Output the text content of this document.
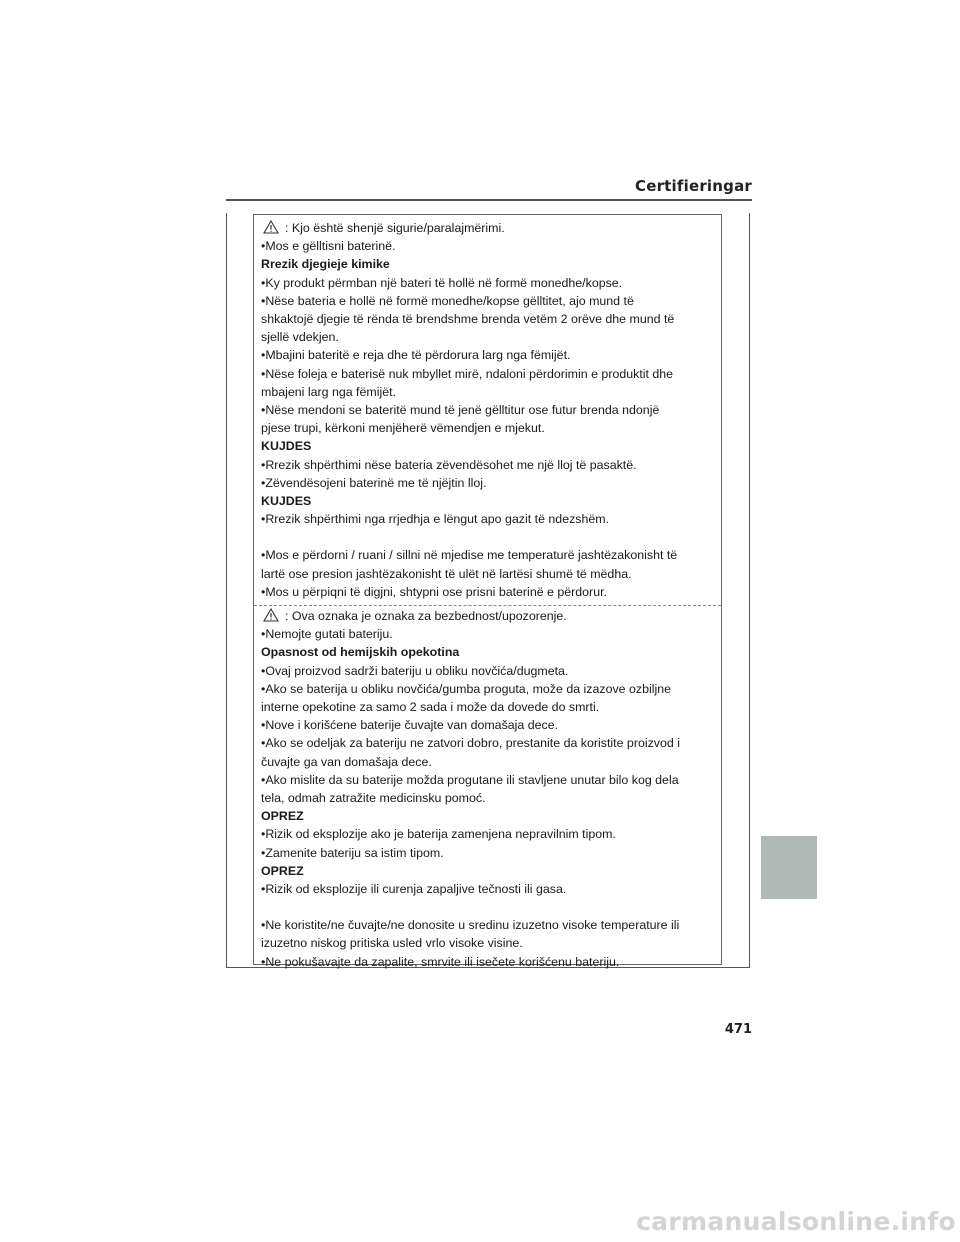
Certifieringar
: Kjo është shenjë sigurie/paralajmërimi.
•Mos e gëlltisni baterinë.
Rrezik djegieje kimike
•Ky produkt përmban një bateri të hollë në formë monedhe/kopse.
•Nëse bateria e hollë në formë monedhe/kopse gëlltitet, ajo mund të
shkaktojë djegie të rënda të brendshme brenda vetëm 2 orëve dhe mund të
sjellë vdekjen.
•Mbajini bateritë e reja dhe të përdorura larg nga fëmijët.
•Nëse foleja e baterisë nuk mbyllet mirë, ndaloni përdorimin e produktit dhe
mbajeni larg nga fëmijët.
•Nëse mendoni se bateritë mund të jenë gëlltitur ose futur brenda ndonjë
pjese trupi, kërkoni menjëherë vëmendjen e mjekut.
KUJDES
•Rrezik shpërthimi nëse bateria zëvendësohet me një lloj të pasaktë.
•Zëvendësojeni baterinë me të njëjtin lloj.
KUJDES
•Rrezik shpërthimi nga rrjedhja e lëngut apo gazit të ndezshëm.
•Mos e përdorni / ruani / sillni në mjedise me temperaturë jashtëzakonisht të
lartë ose presion jashtëzakonisht të ulët në lartësi shumë të mëdha.
•Mos u përpiqni të digjni, shtypni ose prisni baterinë e përdorur.
: Ova oznaka je oznaka za bezbednost/upozorenje.
•Nemojte gutati bateriju.
Opasnost od hemijskih opekotina
•Ovaj proizvod sadrži bateriju u obliku novčića/dugmeta.
•Ako se baterija u obliku novčića/gumba proguta, može da izazove ozbiljne
interne opekotine za samo 2 sada i može da dovede do smrti.
•Nove i korišćene baterije čuvajte van domašaja dece.
•Ako se odeljak za bateriju ne zatvori dobro, prestanite da koristite proizvod i
čuvajte ga van domašaja dece.
•Ako mislite da su baterije možda progutane ili stavljene unutar bilo kog dela
tela, odmah zatražite medicinsku pomoć.
OPREZ
•Rizik od eksplozije ako je baterija zamenjena nepravilnim tipom.
•Zamenite bateriju sa istim tipom.
OPREZ
•Rizik od eksplozije ili curenja zapaljive tečnosti ili gasa.
•Ne koristite/ne čuvajte/ne donosite u sredinu izuzetno visoke temperature ili
izuzetno niskog pritiska usled vrlo visoke visine.
•Ne pokušavajte da zapalite, smrvite ili isečete korišćenu bateriju.
471
carmanualsonline.info
